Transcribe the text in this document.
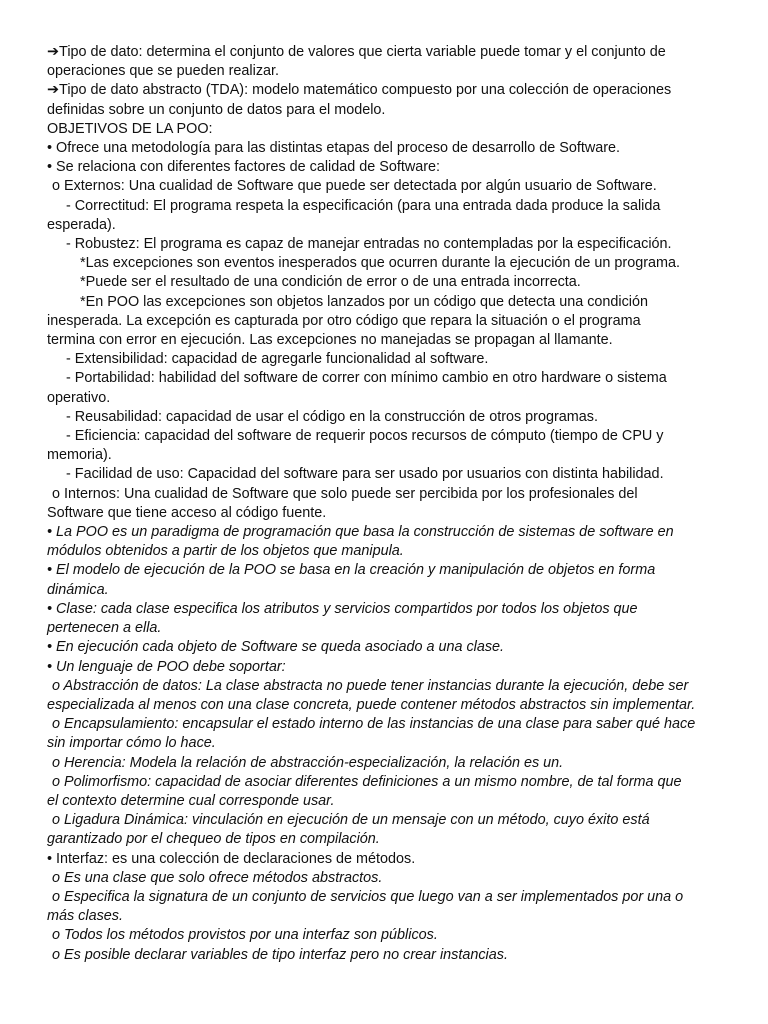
➔Tipo de dato: determina el conjunto de valores que cierta variable puede tomar y el conjunto de

operaciones que se pueden realizar.

➔Tipo de dato abstracto (TDA): modelo matemático compuesto por una colección de operaciones

definidas sobre un conjunto de datos para el modelo.

OBJETIVOS DE LA POO:

• Ofrece una metodología para las distintas etapas del proceso de desarrollo de Software.

• Se relaciona con diferentes factores de calidad de Software:

o Externos: Una cualidad de Software que puede ser detectada por algún usuario de Software.

- Correctitud: El programa respeta la especificación (para una entrada dada produce la salida

esperada).

- Robustez: El programa es capaz de manejar entradas no contempladas por la especificación.

*Las excepciones son eventos inesperados que ocurren durante la ejecución de un programa.

*Puede ser el resultado de una condición de error o de una entrada incorrecta.

*En POO las excepciones son objetos lanzados por un código que detecta una condición

inesperada. La excepción es capturada por otro código que repara la situación o el programa

termina con error en ejecución. Las excepciones no manejadas se propagan al llamante.

- Extensibilidad: capacidad de agregarle funcionalidad al software.

- Portabilidad: habilidad del software de correr con mínimo cambio en otro hardware o sistema

operativo.

- Reusabilidad: capacidad de usar el código en la construcción de otros programas.

- Eficiencia: capacidad del software de requerir pocos recursos de cómputo (tiempo de CPU y

memoria).

- Facilidad de uso: Capacidad del software para ser usado por usuarios con distinta habilidad.

o Internos: Una cualidad de Software que solo puede ser percibida por los profesionales del

Software que tiene acceso al código fuente.

• La POO es un paradigma de programación que basa la construcción de sistemas de software en

módulos obtenidos a partir de los objetos que manipula.

• El modelo de ejecución de la POO se basa en la creación y manipulación de objetos en forma

dinámica.

• Clase: cada clase especifica los atributos y servicios compartidos por todos los objetos que

pertenecen a ella.

• En ejecución cada objeto de Software se queda asociado a una clase.

• Un lenguaje de POO debe soportar:

o Abstracción de datos: La clase abstracta no puede tener instancias durante la ejecución, debe ser

especializada al menos con una clase concreta, puede contener métodos abstractos sin implementar.

o Encapsulamiento: encapsular el estado interno de las instancias de una clase para saber qué hace

sin importar cómo lo hace.

o Herencia: Modela la relación de abstracción-especialización, la relación es un.

o Polimorfismo: capacidad de asociar diferentes definiciones a un mismo nombre, de tal forma que

el contexto determine cual corresponde usar.

o Ligadura Dinámica: vinculación en ejecución de un mensaje con un método, cuyo éxito está

garantizado por el chequeo de tipos en compilación.

• Interfaz: es una colección de declaraciones de métodos.

o Es una clase que solo ofrece métodos abstractos.

o Especifica la signatura de un conjunto de servicios que luego van a ser implementados por una o

más clases.

o Todos los métodos provistos por una interfaz son públicos.

o Es posible declarar variables de tipo interfaz pero no crear instancias.
